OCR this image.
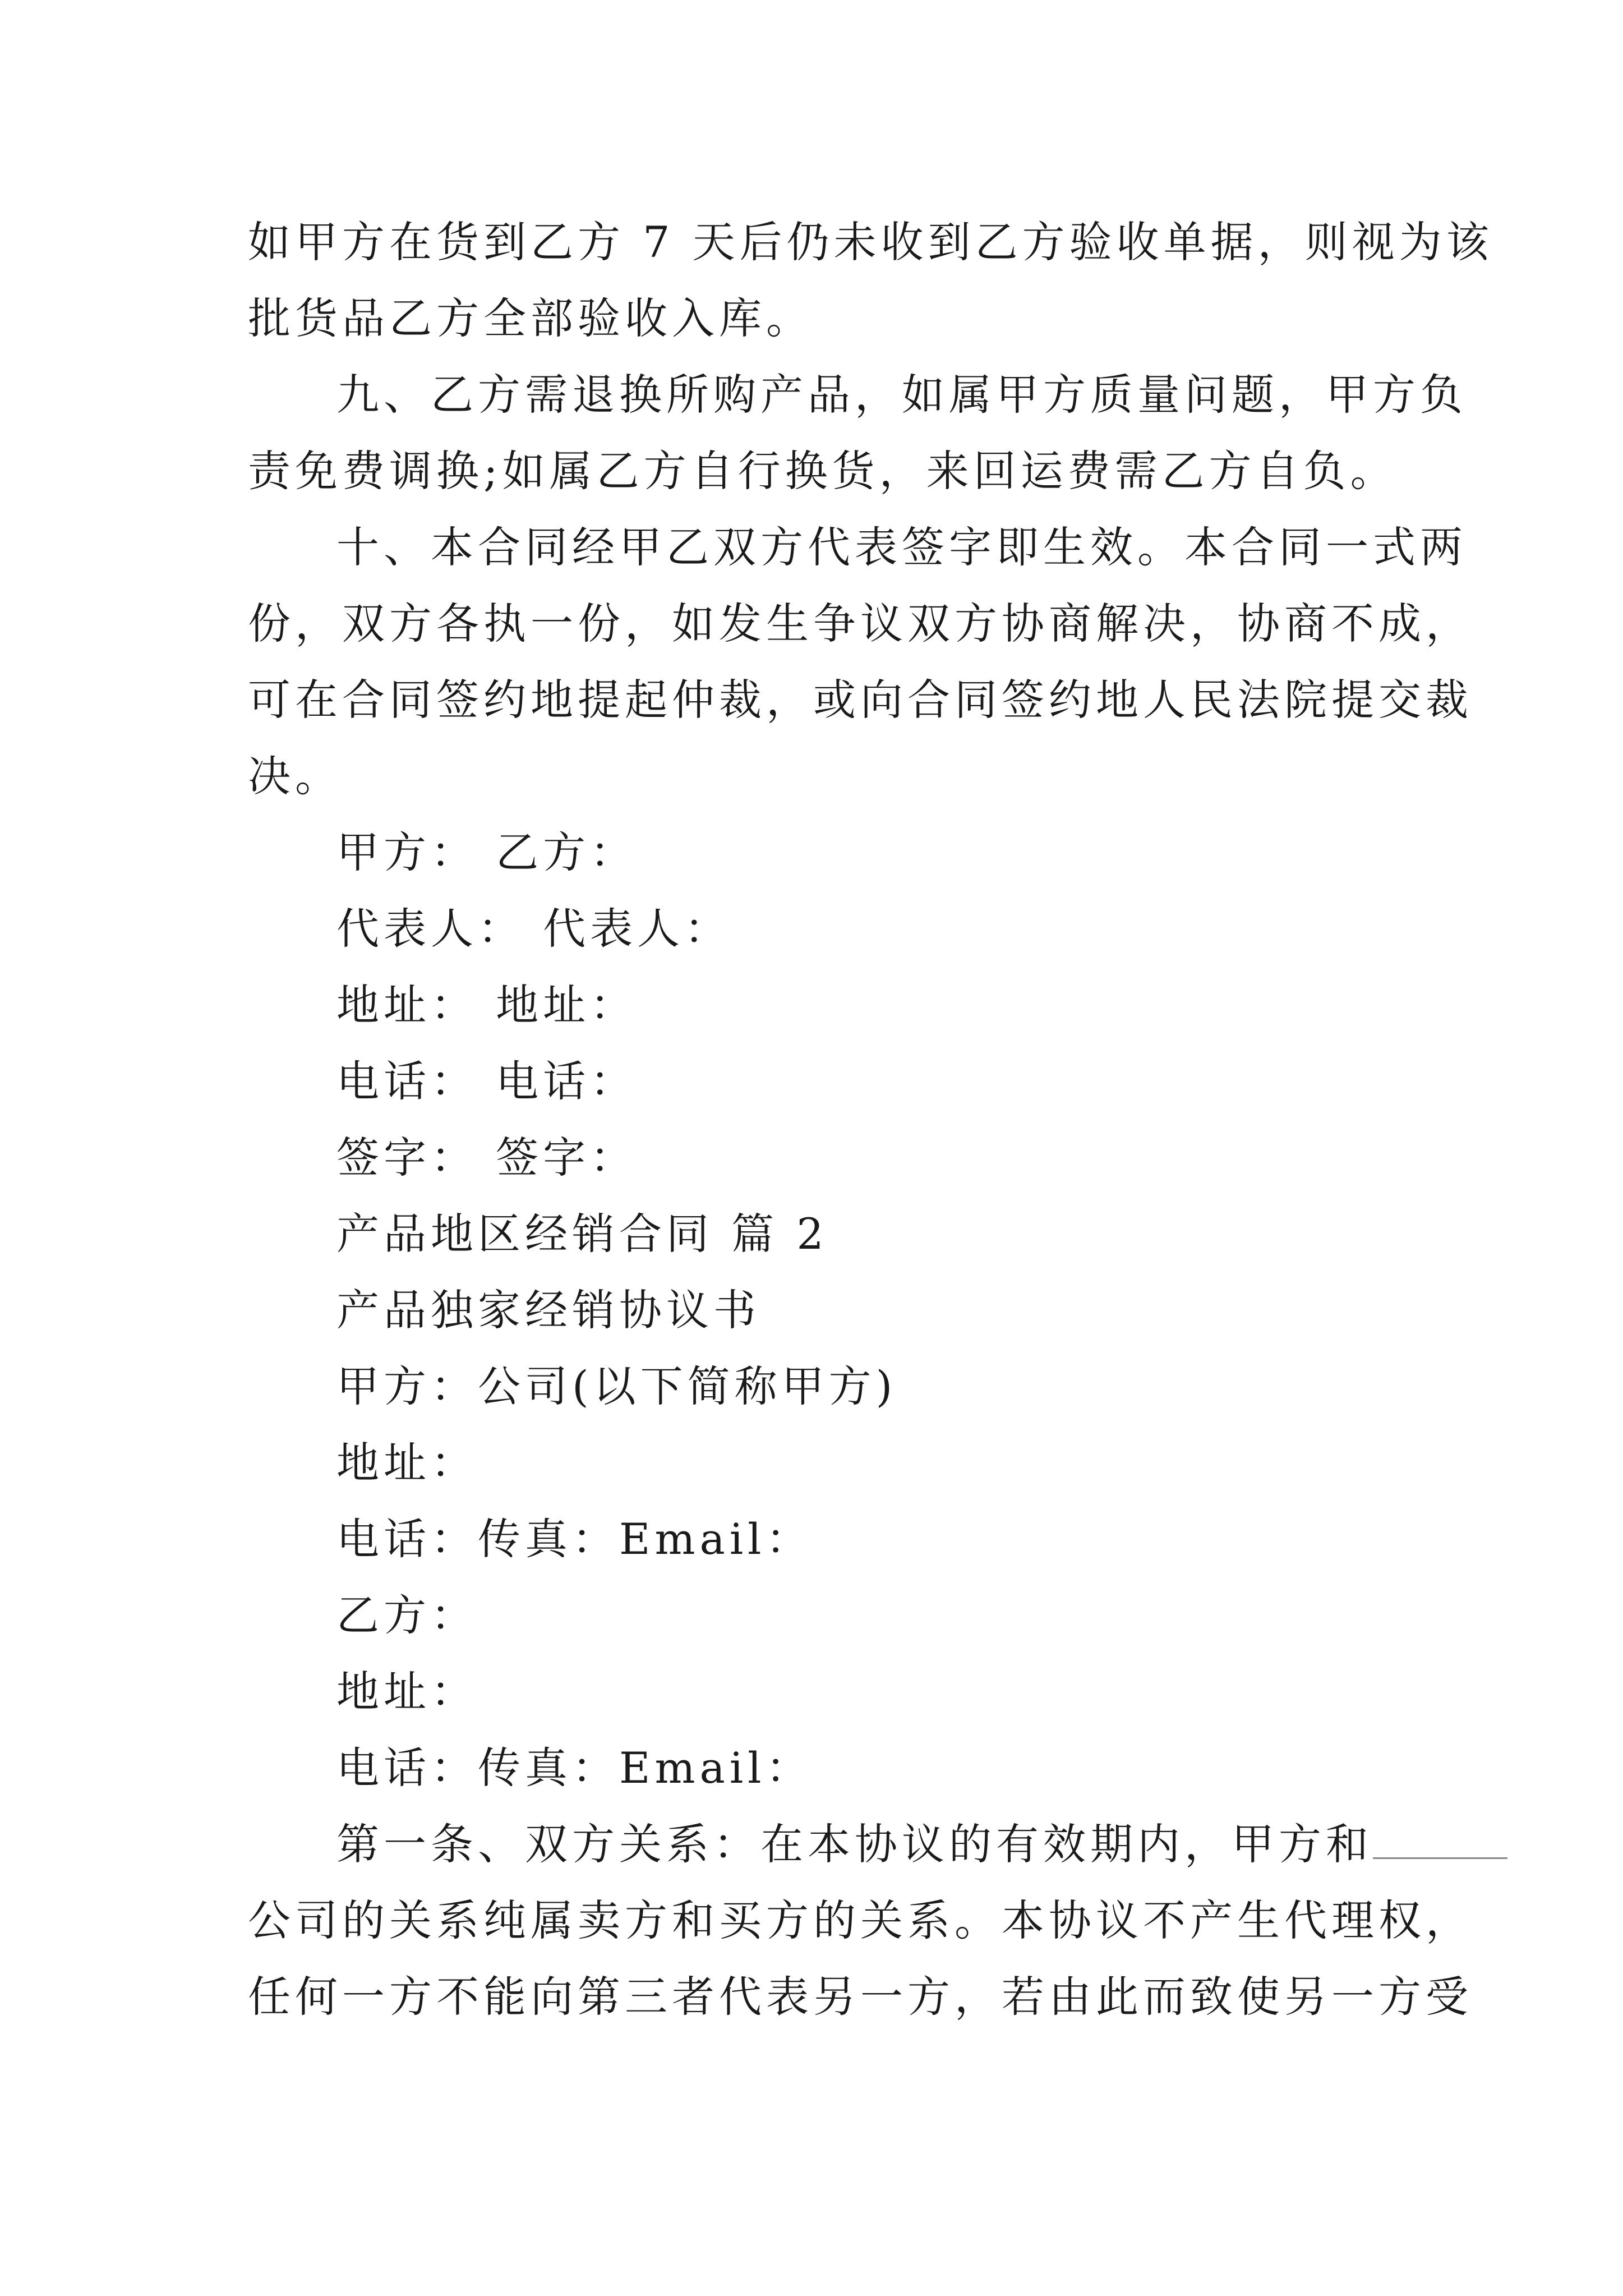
如甲方在货到乙方 7 天后仍未收到乙方验收单据，则视为该
批货品乙方全部验收入库。
九、乙方需退换所购产品，如属甲方质量问题，甲方负
责免费调换;如属乙方自行换货，来回运费需乙方自负。
十、本合同经甲乙双方代表签字即生效。本合同一式两
份，双方各执一份，如发生争议双方协商解决，协商不成，
可在合同签约地提起仲裁，或向合同签约地人民法院提交裁
决。
甲方： 乙方：
代表人： 代表人：
地址： 地址：
电话： 电话：
签字： 签字：
产品地区经销合同 篇 2
产品独家经销协议书
甲方：公司(以下简称甲方)
地址：
电话：传真：Email：
乙方：
地址：
电话：传真：Email：
第一条、双方关系：在本协议的有效期内，甲方和
公司的关系纯属卖方和买方的关系。本协议不产生代理权，
任何一方不能向第三者代表另一方，若由此而致使另一方受
